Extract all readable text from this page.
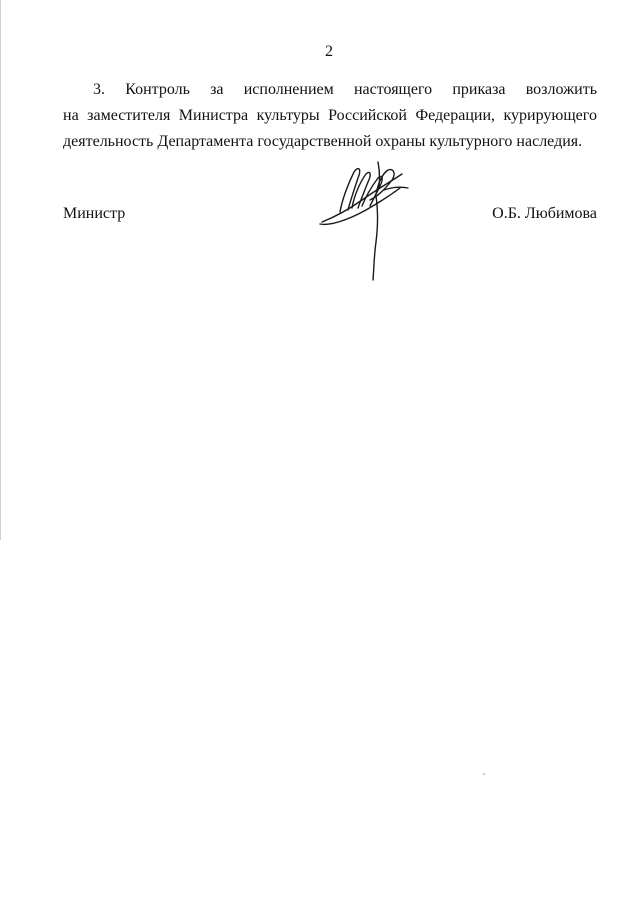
2
3. Контроль за исполнением настоящего приказа возложить
на заместителя Министра культуры Российской Федерации, курирующего
деятельность Департамента государственной охраны культурного наследия.
Министр	О.Б. Любимова
